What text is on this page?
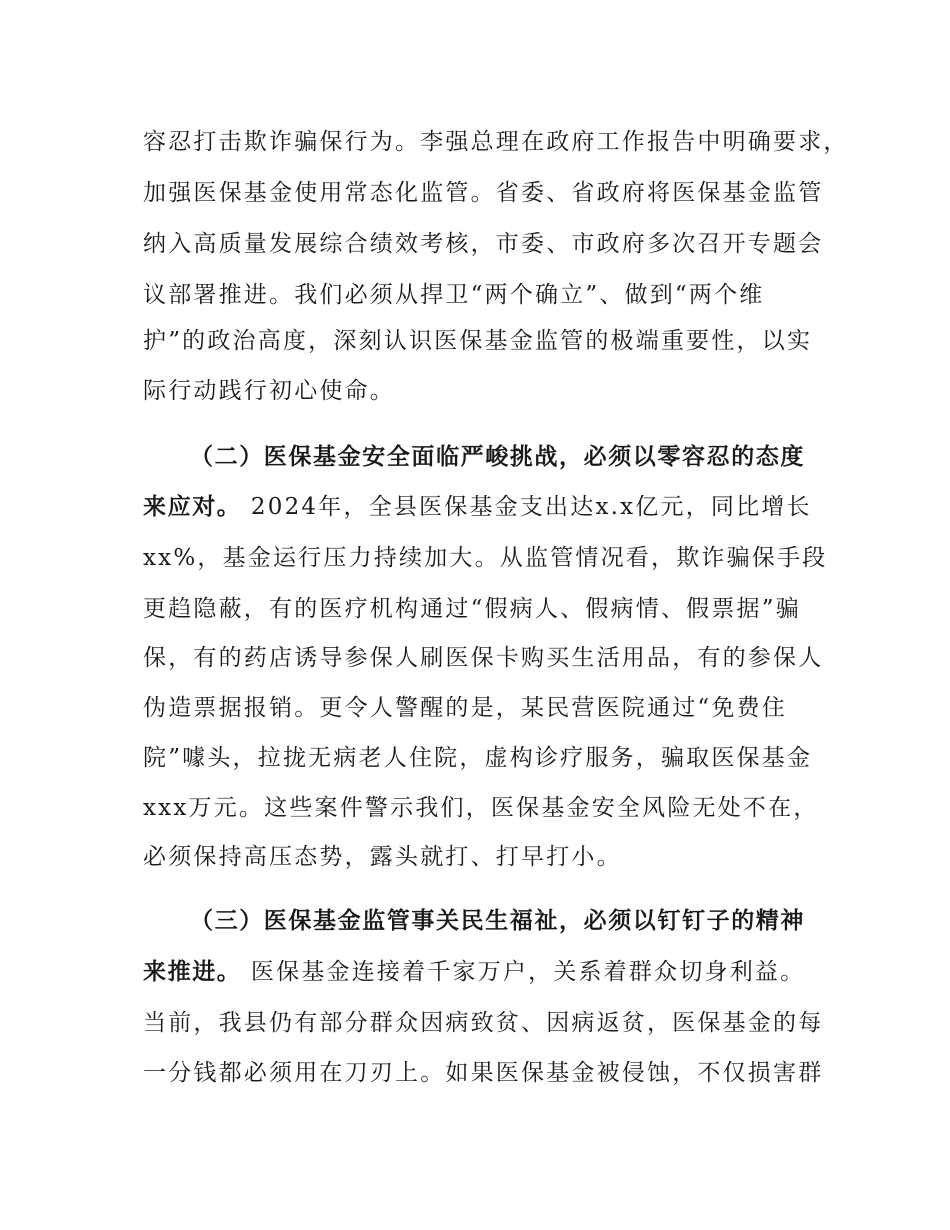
容忍打击欺诈骗保行为。李强总理在政府工作报告中明确要求，
加强医保基金使用常态化监管。省委、省政府将医保基金监管
纳入高质量发展综合绩效考核，市委、市政府多次召开专题会
议部署推进。我们必须从捍卫“两个确立”、做到“两个维
护”的政治高度，深刻认识医保基金监管的极端重要性，以实
际行动践行初心使命。
（二）医保基金安全面临严峻挑战，必须以零容忍的态度
来应对。 2024年，全县医保基金支出达x.x亿元，同比增长
xx%，基金运行压力持续加大。从监管情况看，欺诈骗保手段
更趋隐蔽，有的医疗机构通过“假病人、假病情、假票据”骗
保，有的药店诱导参保人刷医保卡购买生活用品，有的参保人
伪造票据报销。更令人警醒的是，某民营医院通过“免费住
院”噱头，拉拢无病老人住院，虚构诊疗服务，骗取医保基金
xxx万元。这些案件警示我们，医保基金安全风险无处不在，
必须保持高压态势，露头就打、打早打小。
（三）医保基金监管事关民生福祉，必须以钉钉子的精神
来推进。 医保基金连接着千家万户，关系着群众切身利益。
当前，我县仍有部分群众因病致贫、因病返贫，医保基金的每
一分钱都必须用在刀刃上。如果医保基金被侵蚀，不仅损害群
